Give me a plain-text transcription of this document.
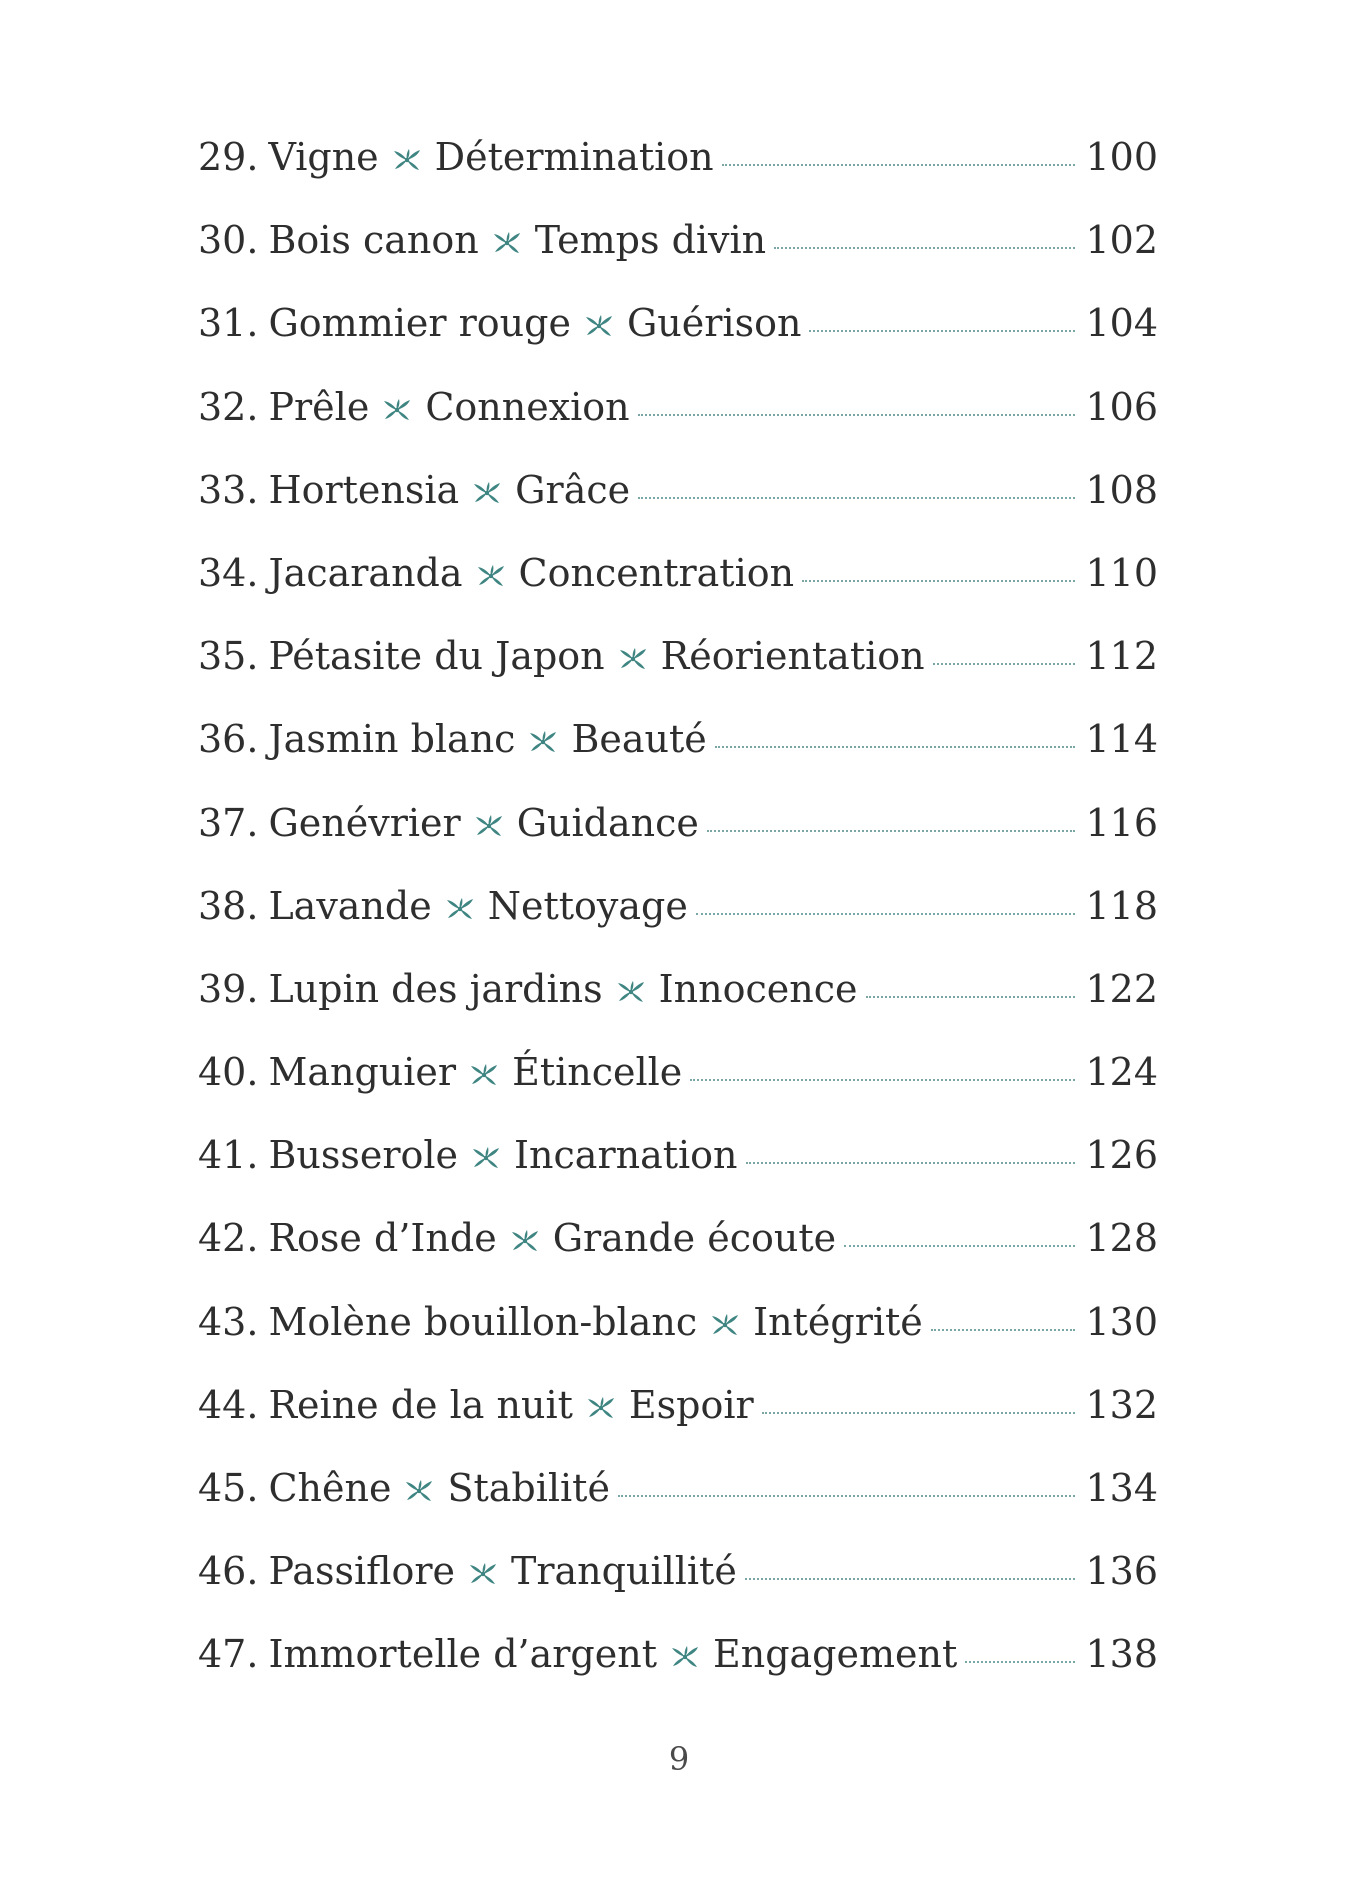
29. Vigne Détermination	100
30. Bois canon Temps divin	102
31. Gommier rouge Guérison	104
32. Prêle Connexion	106
33. Hortensia Grâce	108
34. Jacaranda Concentration	110
35. Pétasite du Japon Réorientation	112
36. Jasmin blanc Beauté	114
37. Genévrier Guidance	116
38. Lavande Nettoyage	118
39. Lupin des jardins Innocence	122
40. Manguier Étincelle	124
41. Busserole Incarnation	126
42. Rose d’Inde Grande écoute	128
43. Molène bouillon-blanc Intégrité	130
44. Reine de la nuit Espoir	132
45. Chêne Stabilité	134
46. Passiflore Tranquillité	136
47. Immortelle d’argent Engagement	138
9
